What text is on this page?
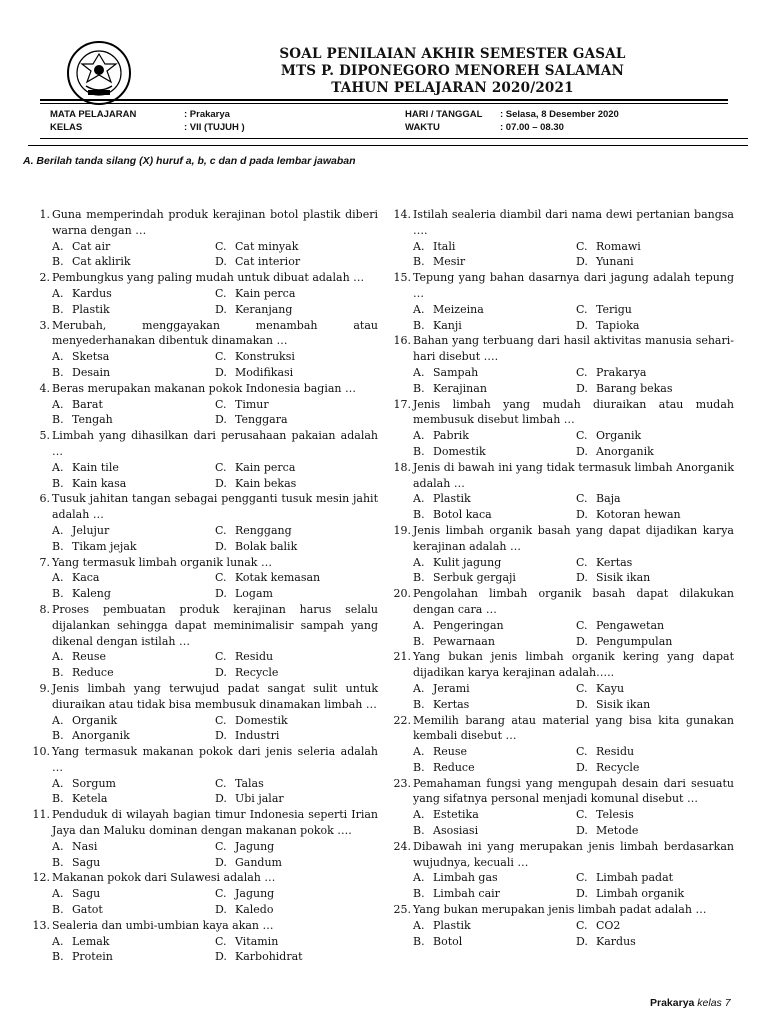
SOAL PENILAIAN AKHIR SEMESTER GASAL
MTS P. DIPONEGORO MENOREH SALAMAN
TAHUN PELAJARAN 2020/2021
MATA PELAJARAN	: Prakarya
KELAS	: VII (TUJUH )
HARI / TANGGAL : Selasa, 8 Desember 2020
WAKTU	: 07.00 – 08.30
A. Berilah tanda silang (X) huruf a, b, c dan d pada lembar jawaban
1. Guna memperindah produk kerajinan botol plastik diberi warna dengan …
A. Cat air	C. Cat minyak
B. Cat aklirik	D. Cat interior
2. Pembungkus yang paling mudah untuk dibuat adalah …
A. Kardus	C. Kain perca
B. Plastik	D. Keranjang
3. Merubah, menggayakan menambah atau menyederhanakan dibentuk dinamakan …
A. Sketsa	C. Konstruksi
B. Desain	D. Modifikasi
4. Beras merupakan makanan pokok Indonesia bagian …
A. Barat	C. Timur
B. Tengah	D. Tenggara
5. Limbah yang dihasilkan dari perusahaan pakaian adalah …
A. Kain tile	C. Kain perca
B. Kain kasa	D. Kain bekas
6. Tusuk jahitan tangan sebagai pengganti tusuk mesin jahit adalah …
A. Jelujur	C. Renggang
B. Tikam jejak	D. Bolak balik
7. Yang termasuk limbah organik lunak …
A. Kaca	C. Kotak kemasan
B. Kaleng	D. Logam
8. Proses pembuatan produk kerajinan harus selalu dijalankan sehingga dapat meminimalisir sampah yang dikenal dengan istilah …
A. Reuse	C. Residu
B. Reduce	D. Recycle
9. Jenis limbah yang terwujud padat sangat sulit untuk diuraikan atau tidak bisa membusuk dinamakan limbah …
A. Organik	C. Domestik
B. Anorganik	D. Industri
10. Yang termasuk makanan pokok dari jenis seleria adalah …
A. Sorgum	C. Talas
B. Ketela	D. Ubi jalar
11. Penduduk di wilayah bagian timur Indonesia seperti Irian Jaya dan Maluku dominan dengan makanan pokok ….
A. Nasi	C. Jagung
B. Sagu	D. Gandum
12. Makanan pokok dari Sulawesi adalah …
A. Sagu	C. Jagung
B. Gatot	D. Kaledo
13. Sealeria dan umbi-umbian kaya akan …
A. Lemak	C. Vitamin
B. Protein	D. Karbohidrat
14. Istilah sealeria diambil dari nama dewi pertanian bangsa ….
A. Itali	C. Romawi
B. Mesir	D. Yunani
15. Tepung yang bahan dasarnya dari jagung adalah tepung …
A. Meizeina	C. Terigu
B. Kanji	D. Tapioka
16. Bahan yang terbuang dari hasil aktivitas manusia sehari-hari disebut ….
A. Sampah	C. Prakarya
B. Kerajinan	D. Barang bekas
17. Jenis limbah yang mudah diuraikan atau mudah membusuk disebut limbah …
A. Pabrik	C. Organik
B. Domestik	D. Anorganik
18. Jenis di bawah ini yang tidak termasuk limbah Anorganik adalah …
A. Plastik	C. Baja
B. Botol kaca	D. Kotoran hewan
19. Jenis limbah organik basah yang dapat dijadikan karya kerajinan adalah …
A. Kulit jagung	C. Kertas
B. Serbuk gergaji	D. Sisik ikan
20. Pengolahan limbah organik basah dapat dilakukan dengan cara …
A. Pengeringan	C. Pengawetan
B. Pewarnaan	D. Pengumpulan
21. Yang bukan jenis limbah organik kering yang dapat dijadikan karya kerajinan adalah…..
A. Jerami	C. Kayu
B. Kertas	D. Sisik ikan
22. Memilih barang atau material yang bisa kita gunakan kembali disebut …
A. Reuse	C. Residu
B. Reduce	D. Recycle
23. Pemahaman fungsi yang mengupah desain dari sesuatu yang sifatnya personal menjadi komunal disebut …
A. Estetika	C. Telesis
B. Asosiasi	D. Metode
24. Dibawah ini yang merupakan jenis limbah berdasarkan wujudnya, kecuali …
A. Limbah gas	C. Limbah padat
B. Limbah cair	D. Limbah organik
25. Yang bukan merupakan jenis limbah padat adalah …
A. Plastik	C. CO2
B. Botol	D. Kardus
Prakarya kelas 7
